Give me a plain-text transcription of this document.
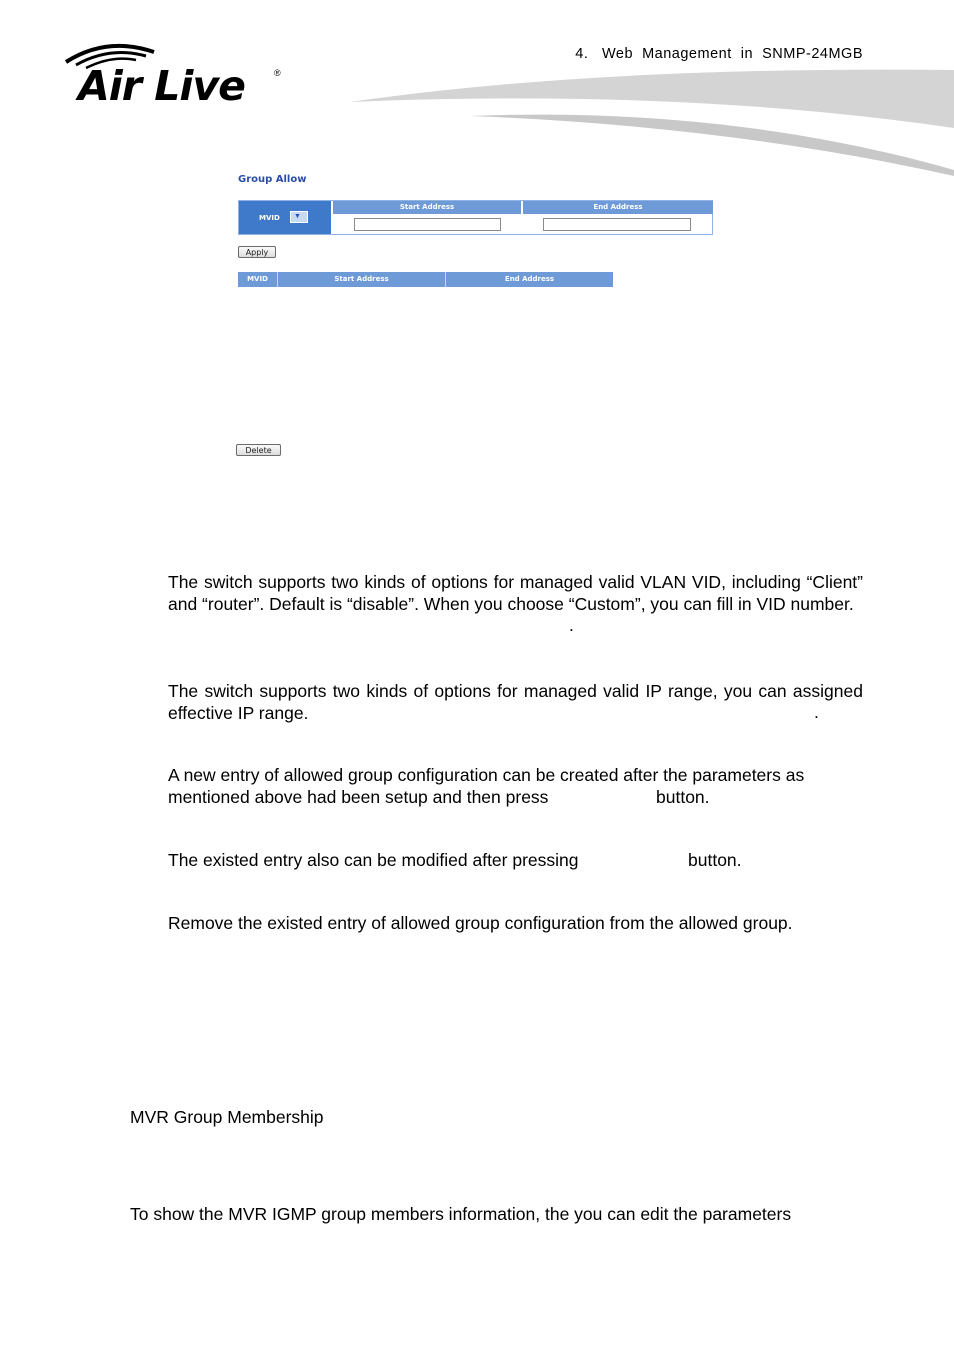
Air Live	®
4.   Web  Management  in  SNMP-24MGB
Group Allow
MVID ▼
Start Address	End Address
Apply
MVID	Start Address	End Address
Delete

The switch supports two kinds of options for managed valid VLAN VID, including “Client” and “router”. Default is “disable”. When you choose “Custom”, you can fill in VID number.

.

The switch supports two kinds of options for managed valid IP range, you can assigned effective IP range.	.

A new entry of allowed group configuration can be created after the parameters as

mentioned above had been setup and then press	button.

The existed entry also can be modified after pressing	button.

Remove the existed entry of allowed group configuration from the allowed group.

MVR Group Membership

To show the MVR IGMP group members information, the you can edit the parameters
